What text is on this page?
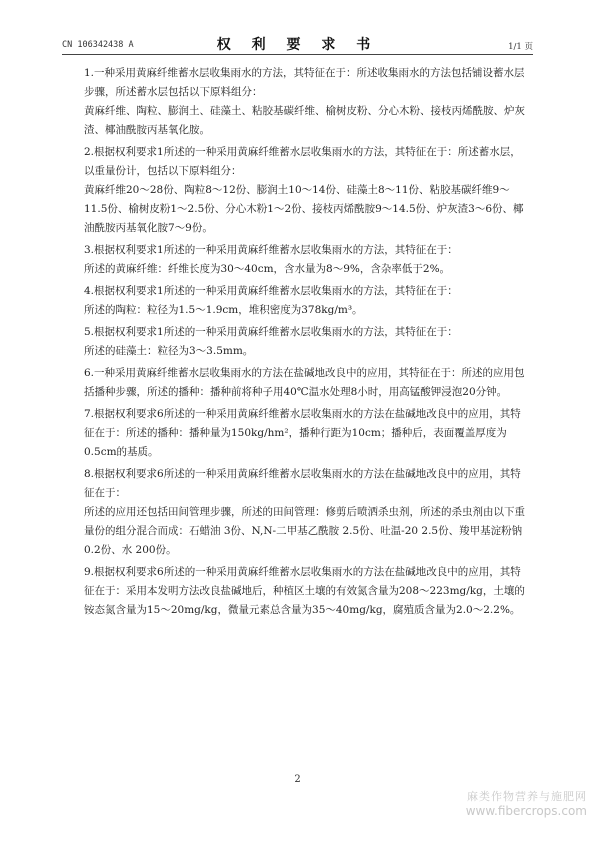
CN 106342438 A	权 利 要 求 书	1/1 页

1.一种采用黄麻纤维蓄水层收集雨水的方法，其特征在于：所述收集雨水的方法包括铺设蓄水层步骤，所述蓄水层包括以下原料组分：

黄麻纤维、陶粒、膨润土、硅藻土、粘胶基碳纤维、榆树皮粉、分心木粉、接枝丙烯酰胺、炉灰渣、椰油酰胺丙基氧化胺。

2.根据权利要求1所述的一种采用黄麻纤维蓄水层收集雨水的方法，其特征在于：所述蓄水层，以重量份计，包括以下原料组分：

黄麻纤维20～28份、陶粒8～12份、膨润土10～14份、硅藻土8～11份、粘胶基碳纤维9～11.5份、榆树皮粉1～2.5份、分心木粉1～2份、接枝丙烯酰胺9～14.5份、炉灰渣3～6份、椰油酰胺丙基氧化胺7～9份。

3.根据权利要求1所述的一种采用黄麻纤维蓄水层收集雨水的方法，其特征在于：

所述的黄麻纤维：纤维长度为30～40cm，含水量为8～9%，含杂率低于2%。

4.根据权利要求1所述的一种采用黄麻纤维蓄水层收集雨水的方法，其特征在于：

所述的陶粒：粒径为1.5～1.9cm，堆积密度为378kg/m³。

5.根据权利要求1所述的一种采用黄麻纤维蓄水层收集雨水的方法，其特征在于：

所述的硅藻土：粒径为3～3.5mm。

6.一种采用黄麻纤维蓄水层收集雨水的方法在盐碱地改良中的应用，其特征在于：所述的应用包括播种步骤，所述的播种：播种前将种子用40℃温水处理8小时，用高锰酸钾浸泡20分钟。

7.根据权利要求6所述的一种采用黄麻纤维蓄水层收集雨水的方法在盐碱地改良中的应用，其特征在于：所述的播种：播种量为150kg/hm²，播种行距为10cm；播种后，表面覆盖厚度为0.5cm的基质。

8.根据权利要求6所述的一种采用黄麻纤维蓄水层收集雨水的方法在盐碱地改良中的应用，其特征在于：

所述的应用还包括田间管理步骤，所述的田间管理：修剪后喷洒杀虫剂，所述的杀虫剂由以下重量份的组分混合而成：石蜡油 3份、N,N-二甲基乙酰胺 2.5份、吐温-20 2.5份、羧甲基淀粉钠 0.2份、水 200份。

9.根据权利要求6所述的一种采用黄麻纤维蓄水层收集雨水的方法在盐碱地改良中的应用，其特征在于：采用本发明方法改良盐碱地后，种植区土壤的有效氮含量为208～223mg/kg，土壤的铵态氮含量为15～20mg/kg，微量元素总含量为35～40mg/kg，腐殖质含量为2.0～2.2%。

2
麻类作物营养与施肥网
www.fibercrops.com
